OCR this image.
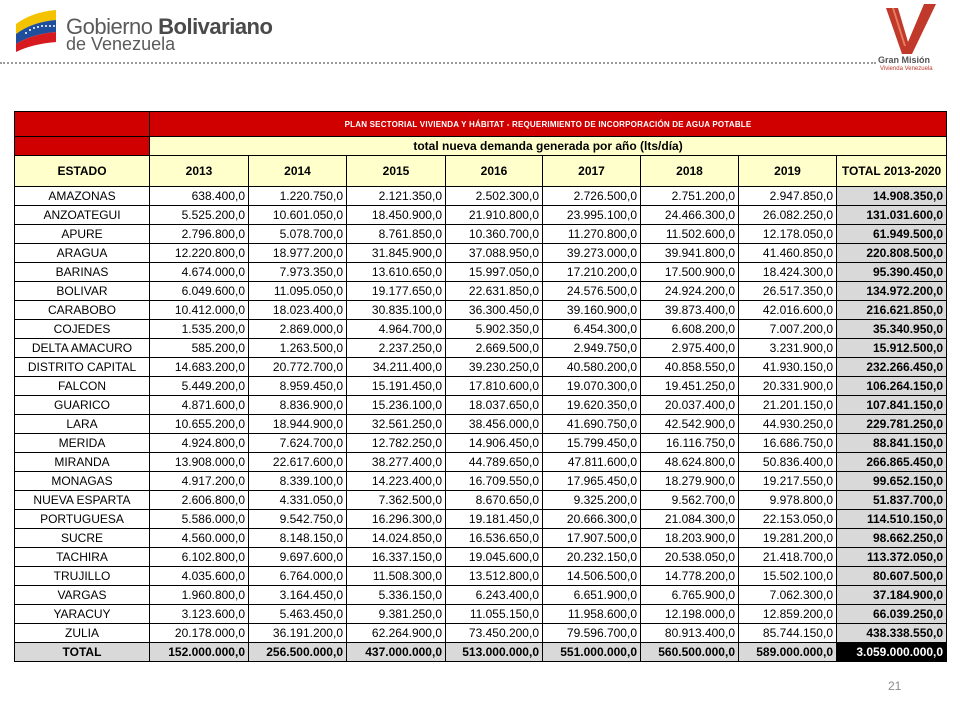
Gobierno Bolivariano
de Venezuela
Gran Misión
Vivienda Venezuela
	PLAN SECTORIAL VIVIENDA Y HÁBITAT - REQUERIMIENTO DE INCORPORACIÓN DE AGUA POTABLE							
	total nueva demanda generada por año (lts/día)							
ESTADO	2013	2014	2015	2016	2017	2018	2019	TOTAL 2013-2020
AMAZONAS	638.400,0	1.220.750,0	2.121.350,0	2.502.300,0	2.726.500,0	2.751.200,0	2.947.850,0	14.908.350,0
ANZOATEGUI	5.525.200,0	10.601.050,0	18.450.900,0	21.910.800,0	23.995.100,0	24.466.300,0	26.082.250,0	131.031.600,0
APURE	2.796.800,0	5.078.700,0	8.761.850,0	10.360.700,0	11.270.800,0	11.502.600,0	12.178.050,0	61.949.500,0
ARAGUA	12.220.800,0	18.977.200,0	31.845.900,0	37.088.950,0	39.273.000,0	39.941.800,0	41.460.850,0	220.808.500,0
BARINAS	4.674.000,0	7.973.350,0	13.610.650,0	15.997.050,0	17.210.200,0	17.500.900,0	18.424.300,0	95.390.450,0
BOLIVAR	6.049.600,0	11.095.050,0	19.177.650,0	22.631.850,0	24.576.500,0	24.924.200,0	26.517.350,0	134.972.200,0
CARABOBO	10.412.000,0	18.023.400,0	30.835.100,0	36.300.450,0	39.160.900,0	39.873.400,0	42.016.600,0	216.621.850,0
COJEDES	1.535.200,0	2.869.000,0	4.964.700,0	5.902.350,0	6.454.300,0	6.608.200,0	7.007.200,0	35.340.950,0
DELTA AMACURO	585.200,0	1.263.500,0	2.237.250,0	2.669.500,0	2.949.750,0	2.975.400,0	3.231.900,0	15.912.500,0
DISTRITO CAPITAL	14.683.200,0	20.772.700,0	34.211.400,0	39.230.250,0	40.580.200,0	40.858.550,0	41.930.150,0	232.266.450,0
FALCON	5.449.200,0	8.959.450,0	15.191.450,0	17.810.600,0	19.070.300,0	19.451.250,0	20.331.900,0	106.264.150,0
GUARICO	4.871.600,0	8.836.900,0	15.236.100,0	18.037.650,0	19.620.350,0	20.037.400,0	21.201.150,0	107.841.150,0
LARA	10.655.200,0	18.944.900,0	32.561.250,0	38.456.000,0	41.690.750,0	42.542.900,0	44.930.250,0	229.781.250,0
MERIDA	4.924.800,0	7.624.700,0	12.782.250,0	14.906.450,0	15.799.450,0	16.116.750,0	16.686.750,0	88.841.150,0
MIRANDA	13.908.000,0	22.617.600,0	38.277.400,0	44.789.650,0	47.811.600,0	48.624.800,0	50.836.400,0	266.865.450,0
MONAGAS	4.917.200,0	8.339.100,0	14.223.400,0	16.709.550,0	17.965.450,0	18.279.900,0	19.217.550,0	99.652.150,0
NUEVA ESPARTA	2.606.800,0	4.331.050,0	7.362.500,0	8.670.650,0	9.325.200,0	9.562.700,0	9.978.800,0	51.837.700,0
PORTUGUESA	5.586.000,0	9.542.750,0	16.296.300,0	19.181.450,0	20.666.300,0	21.084.300,0	22.153.050,0	114.510.150,0
SUCRE	4.560.000,0	8.148.150,0	14.024.850,0	16.536.650,0	17.907.500,0	18.203.900,0	19.281.200,0	98.662.250,0
TACHIRA	6.102.800,0	9.697.600,0	16.337.150,0	19.045.600,0	20.232.150,0	20.538.050,0	21.418.700,0	113.372.050,0
TRUJILLO	4.035.600,0	6.764.000,0	11.508.300,0	13.512.800,0	14.506.500,0	14.778.200,0	15.502.100,0	80.607.500,0
VARGAS	1.960.800,0	3.164.450,0	5.336.150,0	6.243.400,0	6.651.900,0	6.765.900,0	7.062.300,0	37.184.900,0
YARACUY	3.123.600,0	5.463.450,0	9.381.250,0	11.055.150,0	11.958.600,0	12.198.000,0	12.859.200,0	66.039.250,0
ZULIA	20.178.000,0	36.191.200,0	62.264.900,0	73.450.200,0	79.596.700,0	80.913.400,0	85.744.150,0	438.338.550,0
TOTAL	152.000.000,0	256.500.000,0	437.000.000,0	513.000.000,0	551.000.000,0	560.500.000,0	589.000.000,0	3.059.000.000,0
21
